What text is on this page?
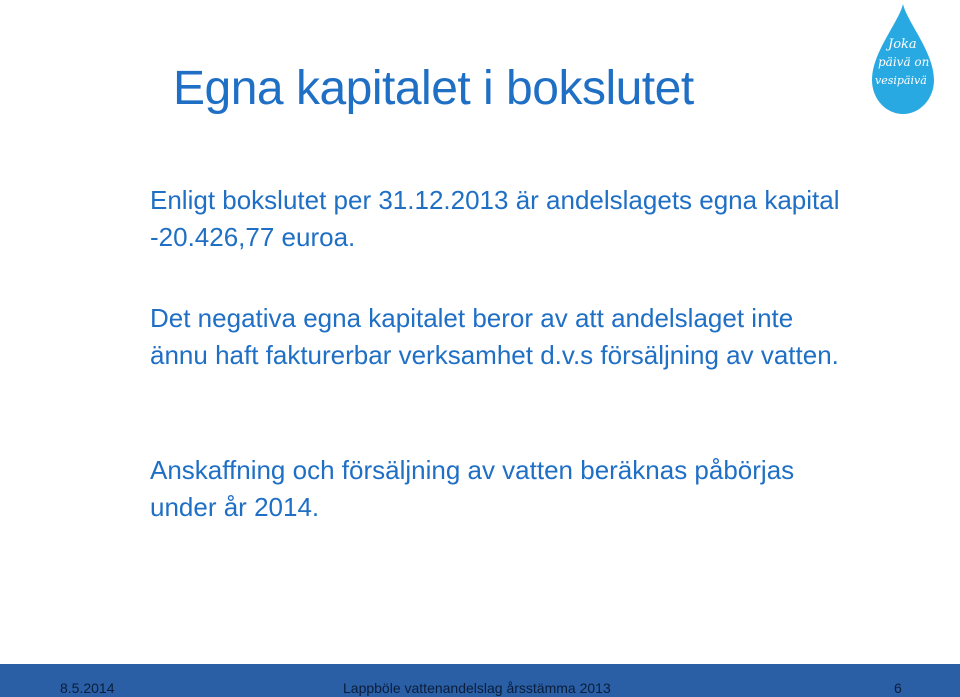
Egna kapitalet i bokslutet
Joka
päivä on
vesipäivä

Enligt bokslutet per 31.12.2013 är andelslagets egna kapital -20.426,77 euroa.

Det negativa egna kapitalet beror av att andelslaget inte ännu haft fakturerbar verksamhet d.v.s försäljning av vatten.

Anskaffning och försäljning av vatten beräknas påbörjas under år 2014.

8.5.2014	Lappböle vattenandelslag årsstämma 2013	6
